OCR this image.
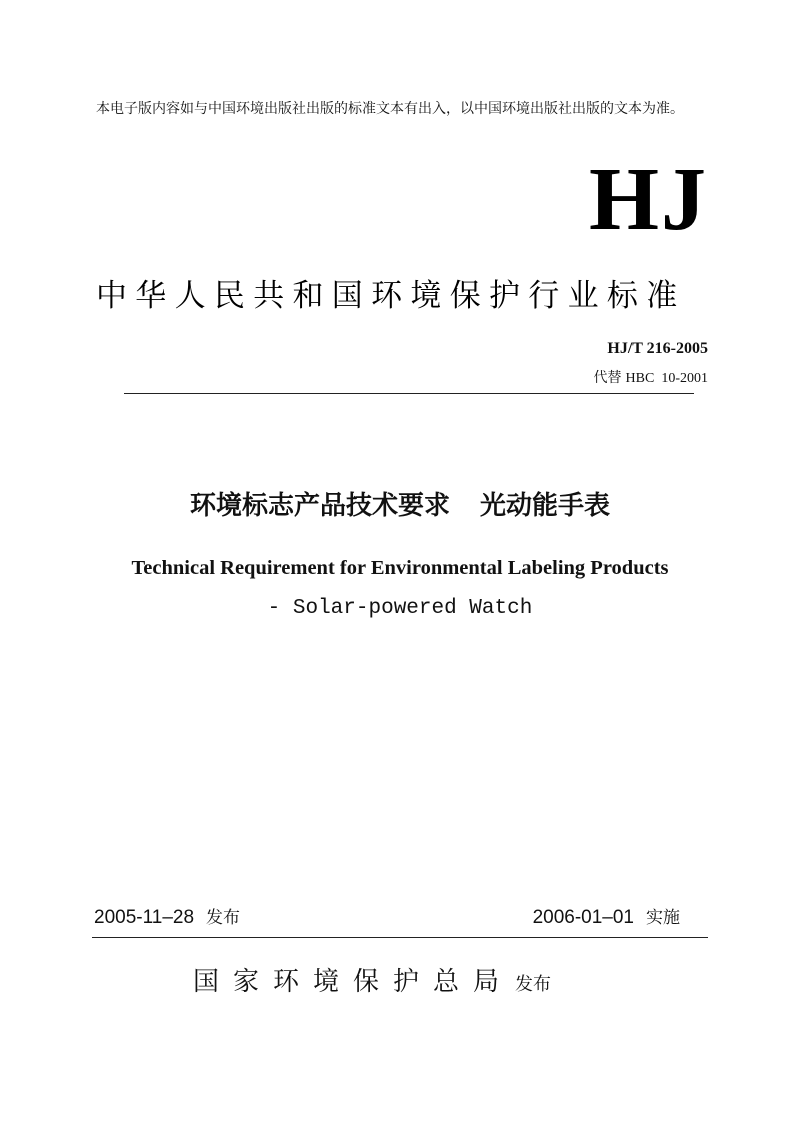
本电子版内容如与中国环境出版社出版的标准文本有出入，以中国环境出版社出版的文本为准。
HJ
中华人民共和国环境保护行业标准
HJ/T 216-2005
代替 HBC 10-2001
环境标志产品技术要求 光动能手表
Technical Requirement for Environmental Labeling Products
- Solar-powered Watch
2005-11–28 发布	2006-01–01 实施
国家环境保护总局 发布
